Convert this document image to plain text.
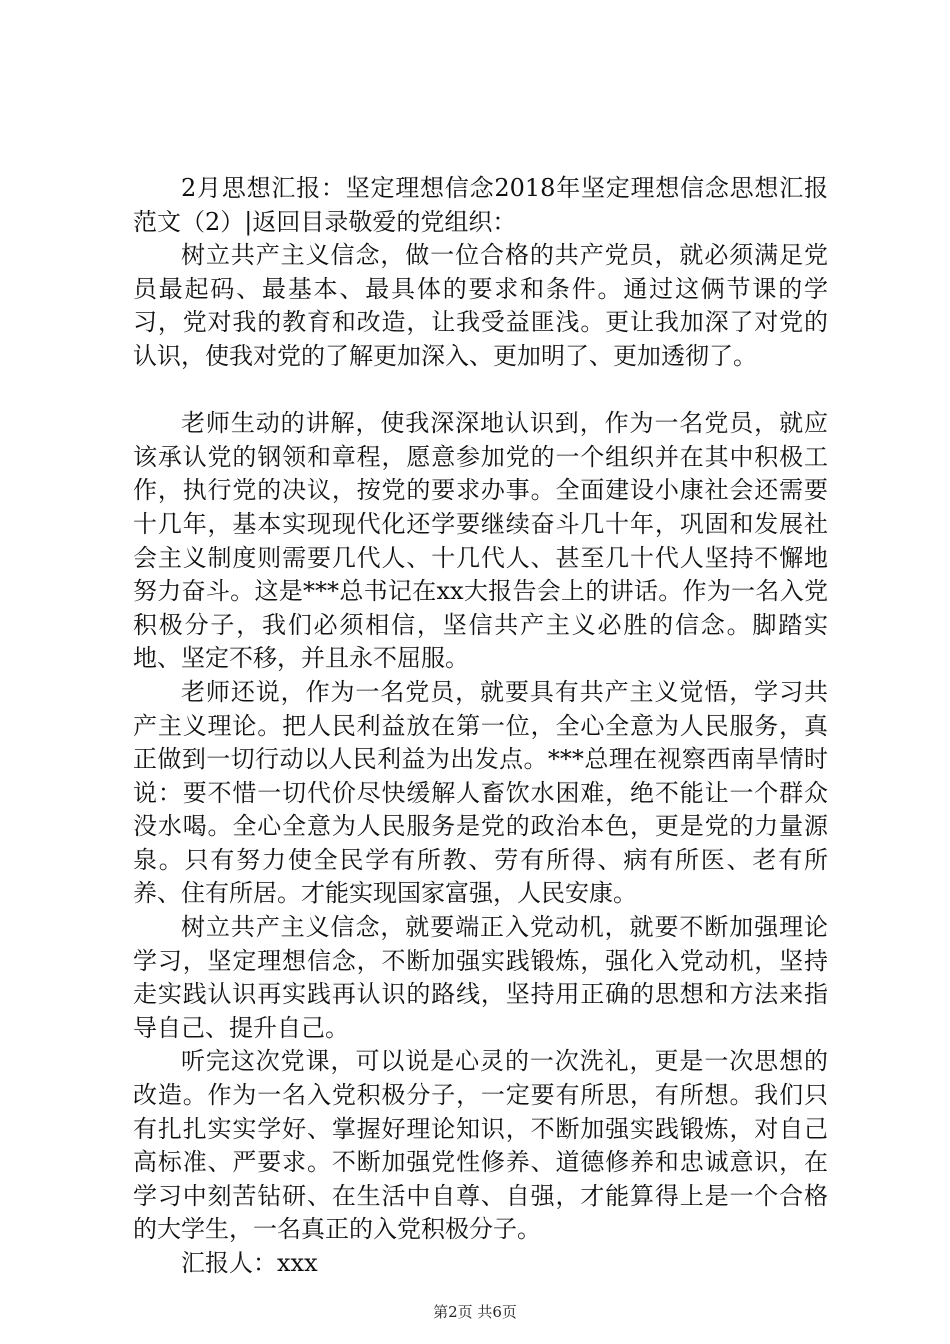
2月思想汇报：坚定理想信念2018年坚定理想信念思想汇报范文（2）|返回目录敬爱的党组织：

树立共产主义信念，做一位合格的共产党员，就必须满足党员最起码、最基本、最具体的要求和条件。通过这俩节课的学习，党对我的教育和改造，让我受益匪浅。更让我加深了对党的认识，使我对党的了解更加深入、更加明了、更加透彻了。

老师生动的讲解，使我深深地认识到，作为一名党员，就应该承认党的钢领和章程，愿意参加党的一个组织并在其中积极工作，执行党的决议，按党的要求办事。全面建设小康社会还需要十几年，基本实现现代化还学要继续奋斗几十年，巩固和发展社会主义制度则需要几代人、十几代人、甚至几十代人坚持不懈地努力奋斗。这是***总书记在xx大报告会上的讲话。作为一名入党积极分子，我们必须相信，坚信共产主义必胜的信念。脚踏实地、坚定不移，并且永不屈服。

老师还说，作为一名党员，就要具有共产主义觉悟，学习共产主义理论。把人民利益放在第一位，全心全意为人民服务，真正做到一切行动以人民利益为出发点。***总理在视察西南旱情时说：要不惜一切代价尽快缓解人畜饮水困难，绝不能让一个群众没水喝。全心全意为人民服务是党的政治本色，更是党的力量源泉。只有努力使全民学有所教、劳有所得、病有所医、老有所养、住有所居。才能实现国家富强，人民安康。

树立共产主义信念，就要端正入党动机，就要不断加强理论学习，坚定理想信念，不断加强实践锻炼，强化入党动机，坚持走实践认识再实践再认识的路线，坚持用正确的思想和方法来指导自己、提升自己。

听完这次党课，可以说是心灵的一次洗礼，更是一次思想的改造。作为一名入党积极分子，一定要有所思，有所想。我们只有扎扎实实学好、掌握好理论知识，不断加强实践锻炼，对自己高标准、严要求。不断加强党性修养、道德修养和忠诚意识，在学习中刻苦钻研、在生活中自尊、自强，才能算得上是一个合格的大学生，一名真正的入党积极分子。

汇报人：xxx

第2页 共6页
